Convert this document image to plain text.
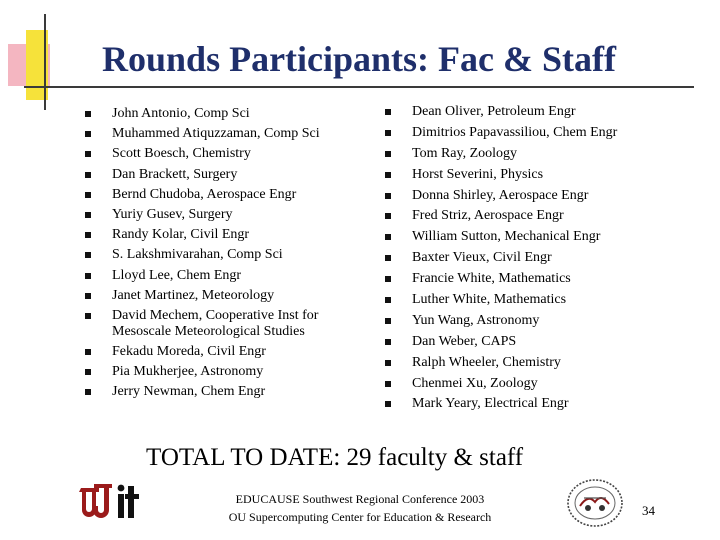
Rounds Participants: Fac & Staff
John Antonio, Comp Sci
Muhammed Atiquzzaman, Comp Sci
Scott Boesch, Chemistry
Dan Brackett, Surgery
Bernd Chudoba, Aerospace Engr
Yuriy Gusev, Surgery
Randy Kolar, Civil Engr
S. Lakshmivarahan, Comp Sci
Lloyd Lee, Chem Engr
Janet Martinez, Meteorology
David Mechem, Cooperative Inst for Mesoscale Meteorological Studies
Fekadu Moreda, Civil Engr
Pia Mukherjee, Astronomy
Jerry Newman, Chem Engr
Dean Oliver, Petroleum Engr
Dimitrios Papavassiliou, Chem Engr
Tom Ray, Zoology
Horst Severini, Physics
Donna Shirley, Aerospace Engr
Fred Striz, Aerospace Engr
William Sutton, Mechanical Engr
Baxter Vieux, Civil Engr
Francie White, Mathematics
Luther White, Mathematics
Yun Wang, Astronomy
Dan Weber, CAPS
Ralph Wheeler, Chemistry
Chenmei Xu, Zoology
Mark Yeary, Electrical Engr
TOTAL TO DATE: 29 faculty & staff
EDUCAUSE Southwest Regional Conference 2003
OU Supercomputing Center for Education & Research	34
